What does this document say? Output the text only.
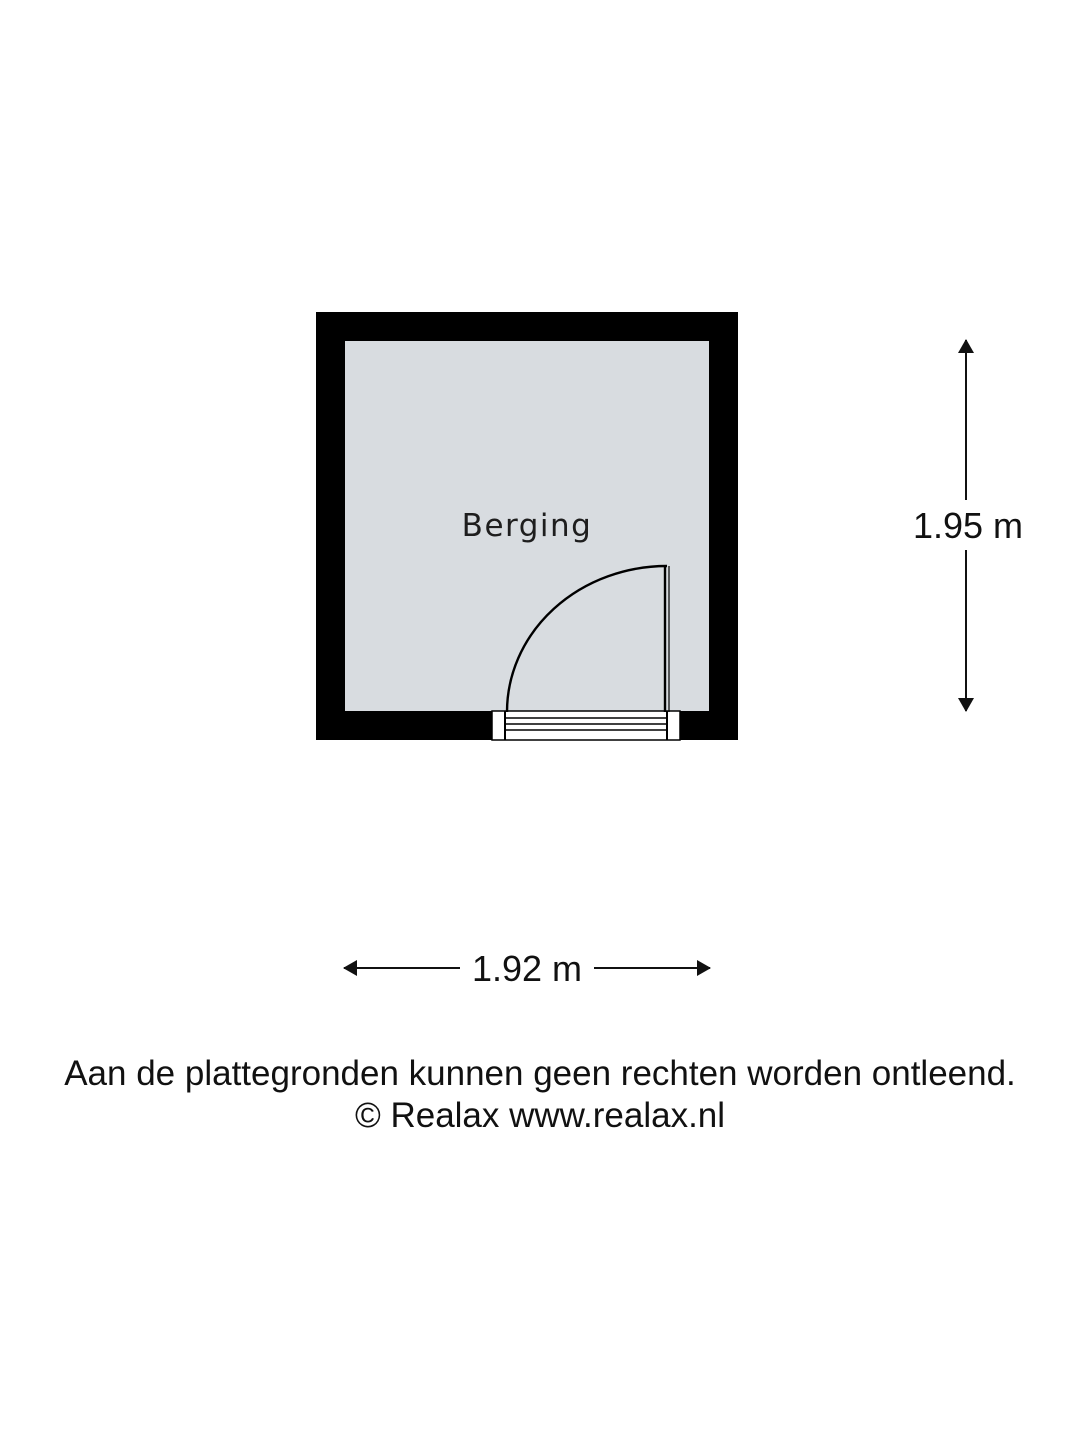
Berging	1.95 m
1.92 m
Aan de plattegronden kunnen geen rechten worden ontleend.
© Realax www.realax.nl
